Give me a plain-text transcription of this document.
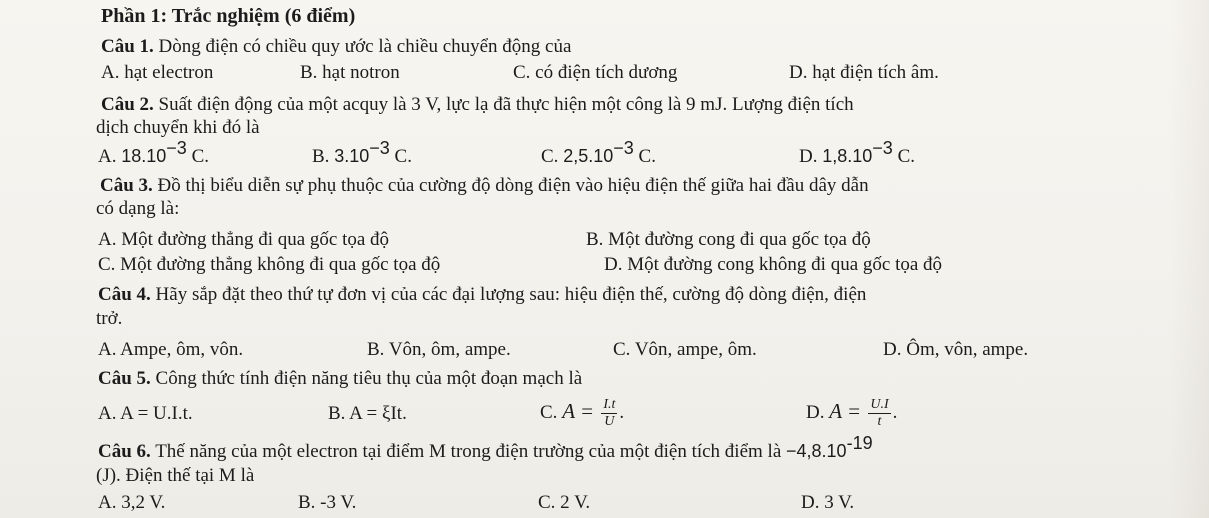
Phần 1: Trắc nghiệm (6 điểm)
Câu 1. Dòng điện có chiều quy ước là chiều chuyển động của
A. hạt electron	B. hạt notron	C. có điện tích dương	D. hạt điện tích âm.
Câu 2. Suất điện động của một acquy là 3 V, lực lạ đã thực hiện một công là 9 mJ. Lượng điện tích
dịch chuyển khi đó là
A. $18.10^{-3}$ C.	B. $3.10^{-3}$ C.	C. $2,5.10^{-3}$ C.	D. $1,8.10^{-3}$ C.
Câu 3. Đồ thị biểu diễn sự phụ thuộc của cường độ dòng điện vào hiệu điện thế giữa hai đầu dây dẫn
có dạng là:
A. Một đường thẳng đi qua gốc tọa độ	B. Một đường cong đi qua gốc tọa độ
C. Một đường thẳng không đi qua gốc tọa độ	D. Một đường cong không đi qua gốc tọa độ
Câu 4. Hãy sắp đặt theo thứ tự đơn vị của các đại lượng sau: hiệu điện thế, cường độ dòng điện, điện
trở.
A. Ampe, ôm, vôn.	B. Vôn, ôm, ampe.	C. Vôn, ampe, ôm.	D. Ôm, vôn, ampe.
Câu 5. Công thức tính điện năng tiêu thụ của một đoạn mạch là
A. A = U.I.t.	B. A = ξIt.	C. $A = \frac{I.t}{U}$ .	D. $A = \frac{U.I}{t}$ .
Câu 6. Thế năng của một electron tại điểm M trong điện trường của một điện tích điểm là $-4,8.10^{-19}$
(J). Điện thế tại M là
A. 3,2 V.	B. -3 V.	C. 2 V.	D. 3 V.
